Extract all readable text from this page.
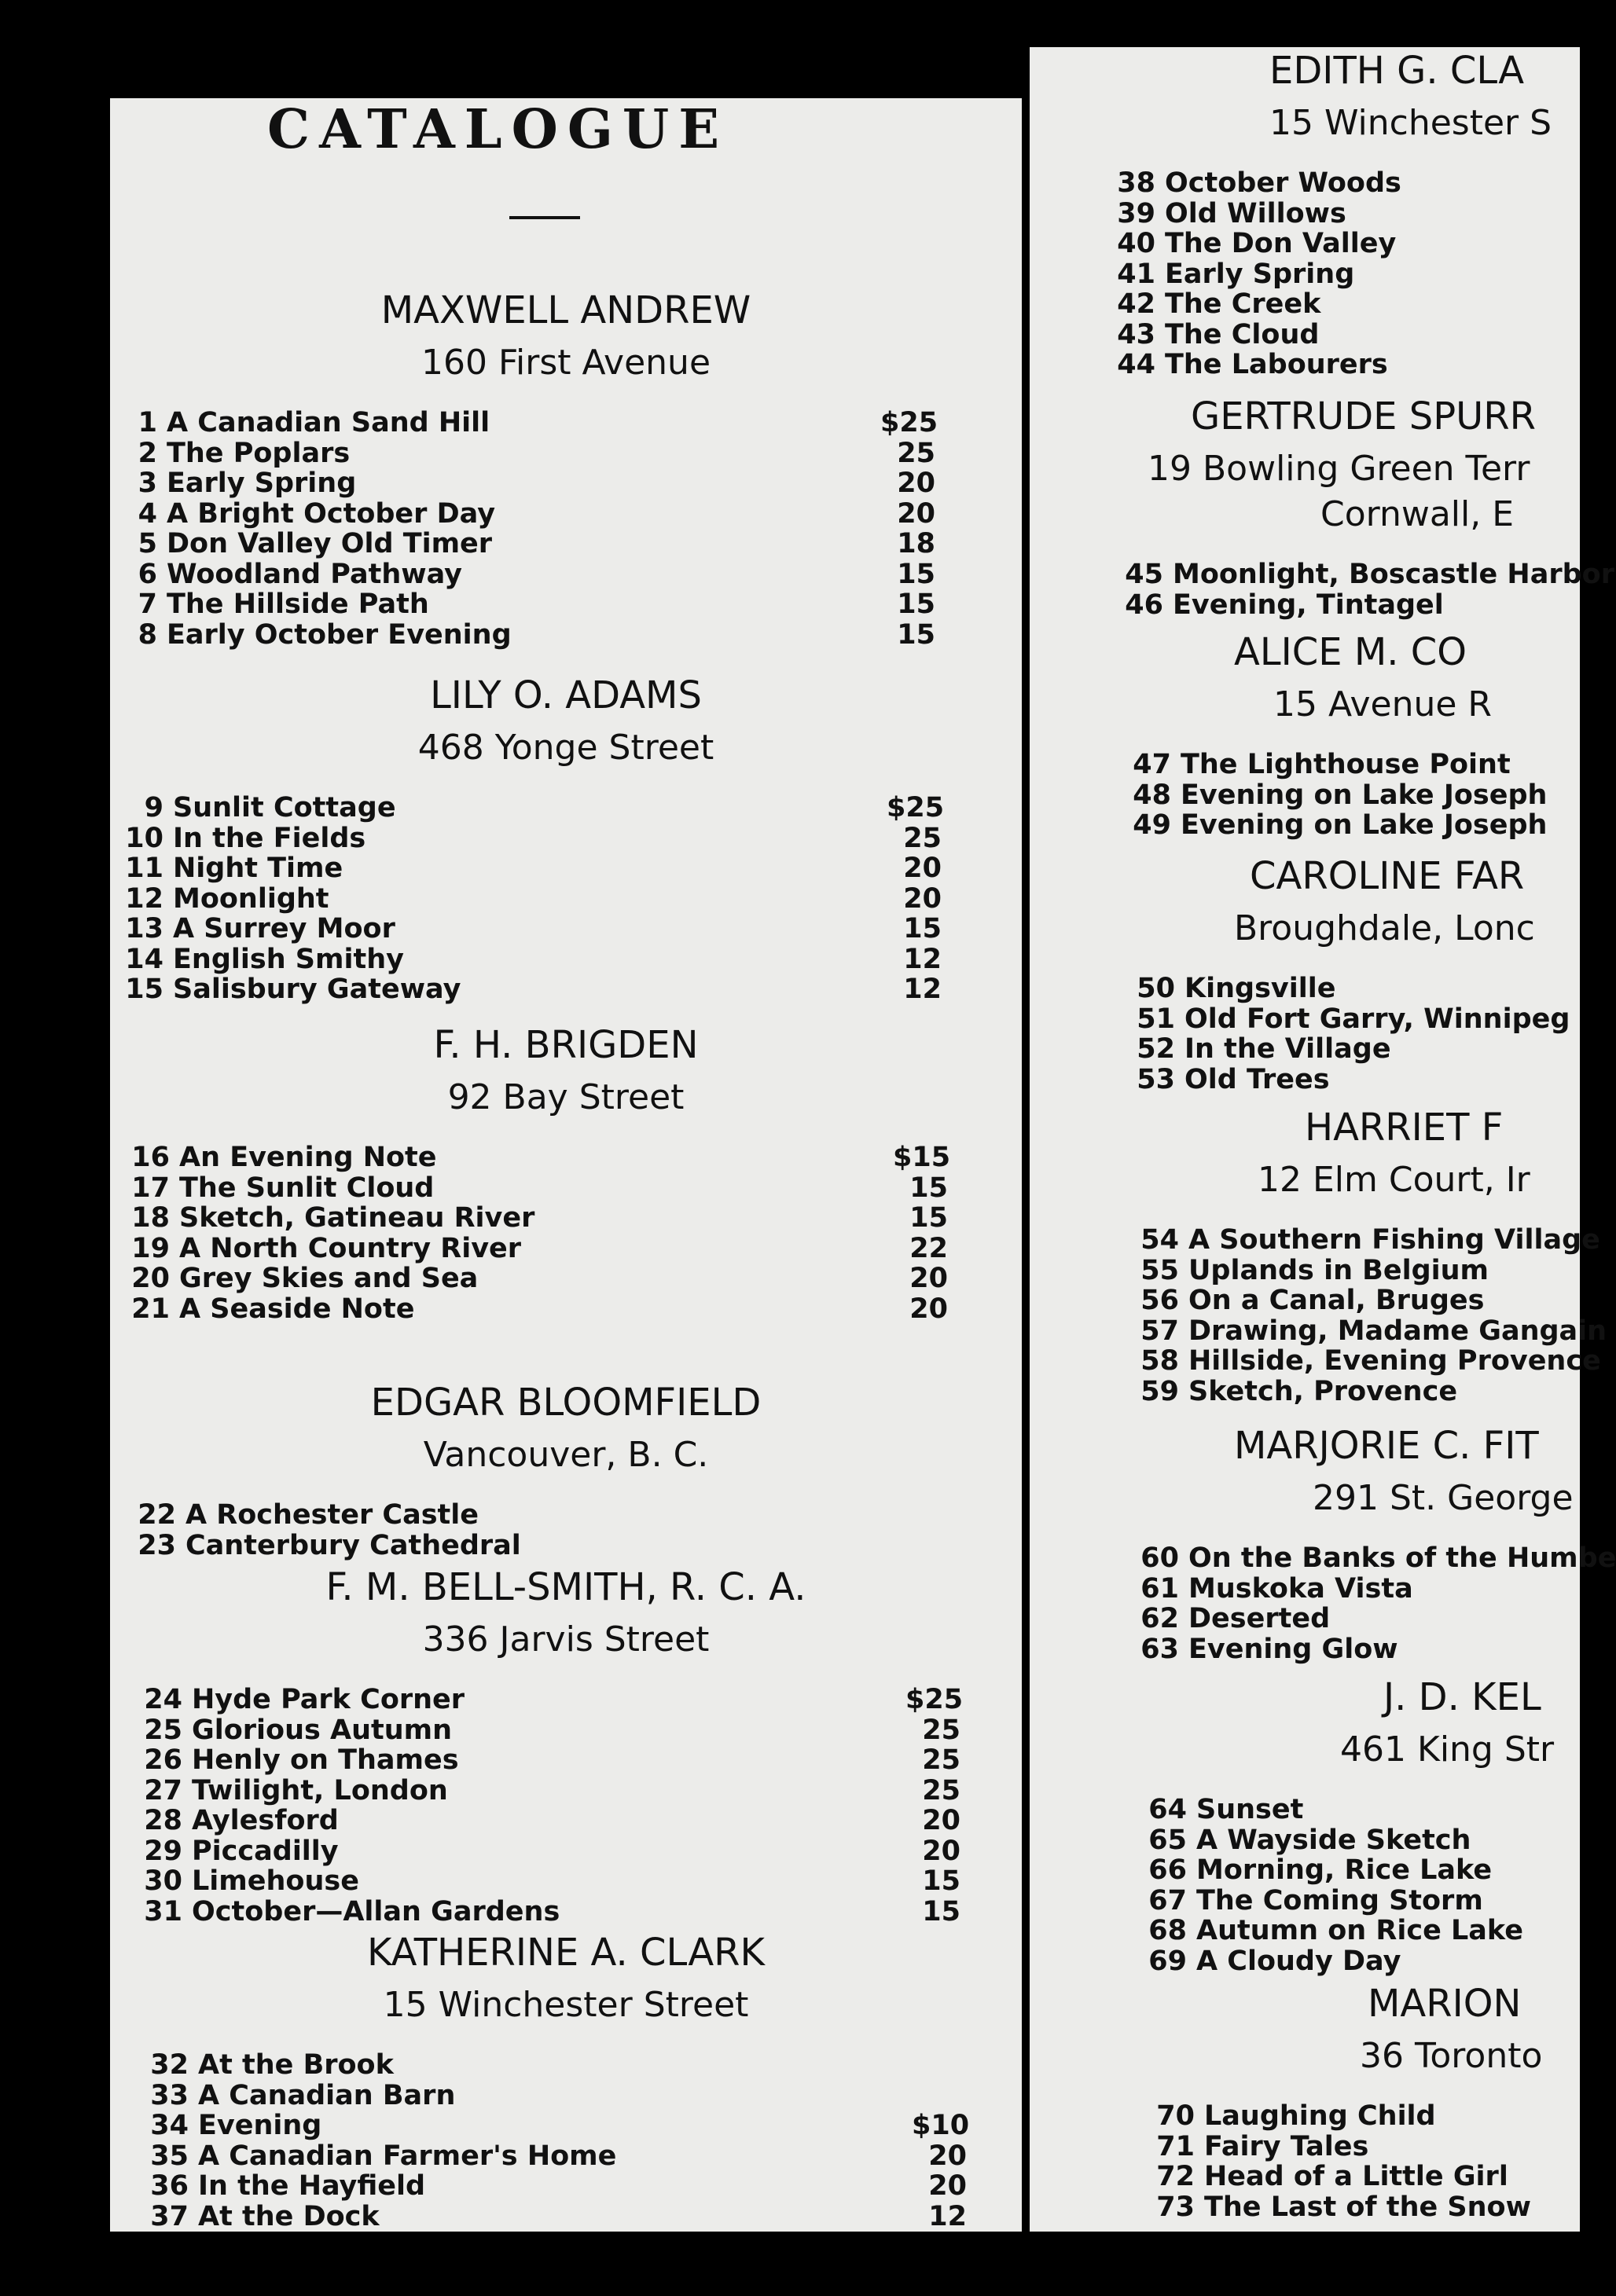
CATALOGUE
MAXWELL ANDREW
160 First Avenue
1 A Canadian Sand Hill	$25
2 The Poplars	25
3 Early Spring	20
4 A Bright October Day	20
5 Don Valley Old Timer	18
6 Woodland Pathway	15
7 The Hillside Path	15
8 Early October Evening	15
LILY O. ADAMS
468 Yonge Street
9 Sunlit Cottage	$25
10 In the Fields	25
11 Night Time	20
12 Moonlight	20
13 A Surrey Moor	15
14 English Smithy	12
15 Salisbury Gateway	12
F. H. BRIGDEN
92 Bay Street
16 An Evening Note	$15
17 The Sunlit Cloud	15
18 Sketch, Gatineau River	15
19 A North Country River	22
20 Grey Skies and Sea	20
21 A Seaside Note	20
EDGAR BLOOMFIELD
Vancouver, B. C.
22 A Rochester Castle
23 Canterbury Cathedral
F. M. BELL-SMITH, R. C. A.
336 Jarvis Street
24 Hyde Park Corner	$25
25 Glorious Autumn	25
26 Henly on Thames	25
27 Twilight, London	25
28 Aylesford	20
29 Piccadilly	20
30 Limehouse	15
31 October—Allan Gardens	15
KATHERINE A. CLARK
15 Winchester Street
32 At the Brook
33 A Canadian Barn
34 Evening	$10
35 A Canadian Farmer's Home	20
36 In the Hayfield	20
37 At the Dock	12
EDITH G. CLA
15 Winchester S
38 October Woods
39 Old Willows
40 The Don Valley
41 Early Spring
42 The Creek
43 The Cloud
44 The Labourers
GERTRUDE SPURR
19 Bowling Green Terr
Cornwall, E
45 Moonlight, Boscastle Harbor
46 Evening, Tintagel
ALICE M. CO
15 Avenue R
47 The Lighthouse Point
48 Evening on Lake Joseph
49 Evening on Lake Joseph
CAROLINE FAR
Broughdale, Lonc
50 Kingsville
51 Old Fort Garry, Winnipeg
52 In the Village
53 Old Trees
HARRIET F
12 Elm Court, Ir
54 A Southern Fishing Village
55 Uplands in Belgium
56 On a Canal, Bruges
57 Drawing, Madame Gangain
58 Hillside, Evening Provence
59 Sketch, Provence
MARJORIE C. FIT
291 St. George
60 On the Banks of the Humbe
61 Muskoka Vista
62 Deserted
63 Evening Glow
J. D. KEL
461 King Str
64 Sunset
65 A Wayside Sketch
66 Morning, Rice Lake
67 The Coming Storm
68 Autumn on Rice Lake
69 A Cloudy Day
MARION
36 Toronto
70 Laughing Child
71 Fairy Tales
72 Head of a Little Girl
73 The Last of the Snow
